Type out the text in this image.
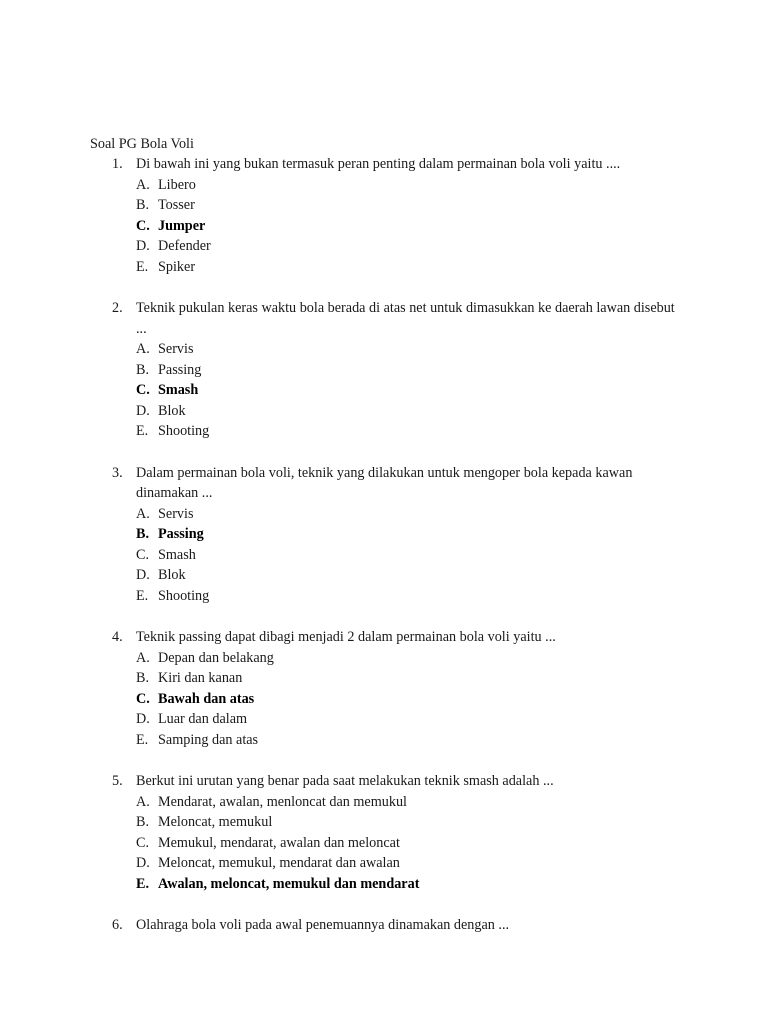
Soal PG Bola Voli
1. Di bawah ini yang bukan termasuk peran penting dalam permainan bola voli yaitu ....
A. Libero
B. Tosser
C. Jumper
D. Defender
E. Spiker
2. Teknik pukulan keras waktu bola berada di atas net untuk dimasukkan ke daerah lawan disebut ...
A. Servis
B. Passing
C. Smash
D. Blok
E. Shooting
3. Dalam permainan bola voli, teknik yang dilakukan untuk mengoper bola kepada kawan dinamakan ...
A. Servis
B. Passing
C. Smash
D. Blok
E. Shooting
4. Teknik passing dapat dibagi menjadi 2 dalam permainan bola voli yaitu ...
A. Depan dan belakang
B. Kiri dan kanan
C. Bawah dan atas
D. Luar dan dalam
E. Samping dan atas
5. Berkut ini urutan yang benar pada saat melakukan teknik smash adalah ...
A. Mendarat, awalan, menloncat dan memukul
B. Meloncat, memukul
C. Memukul, mendarat, awalan dan meloncat
D. Meloncat, memukul, mendarat dan awalan
E. Awalan, meloncat, memukul dan mendarat
6. Olahraga bola voli pada awal penemuannya dinamakan dengan ...
